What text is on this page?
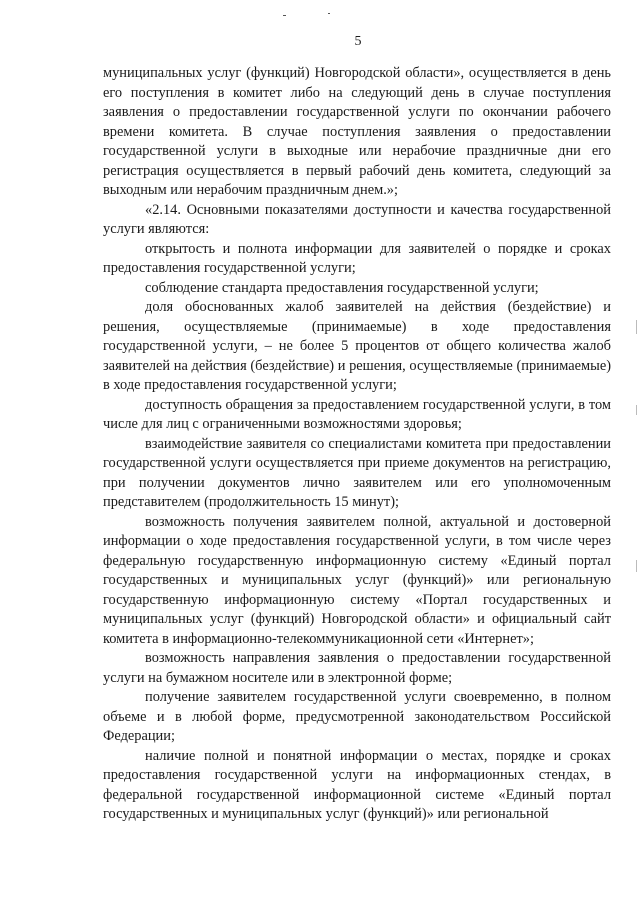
5

муниципальных услуг (функций) Новгородской области», осуществляется в день его поступления в комитет либо на следующий день в случае поступления заявления о предоставлении государственной услуги по окончании рабочего времени комитета. В случае поступления заявления о предоставлении государственной услуги в выходные или нерабочие праздничные дни его регистрация осуществляется в первый рабочий день комитета, следующий за выходным или нерабочим праздничным днем.»;

«2.14. Основными показателями доступности и качества государственной услуги являются:

открытость и полнота информации для заявителей о порядке и сроках предоставления государственной услуги;

соблюдение стандарта предоставления государственной услуги;

доля обоснованных жалоб заявителей на действия (бездействие) и решения, осуществляемые (принимаемые) в ходе предоставления государственной услуги, – не более 5 процентов от общего количества жалоб заявителей на действия (бездействие) и решения, осуществляемые (принимаемые) в ходе предоставления государственной услуги;

доступность обращения за предоставлением государственной услуги, в том числе для лиц с ограниченными возможностями здоровья;

взаимодействие заявителя со специалистами комитета при предоставлении государственной услуги осуществляется при приеме документов на регистрацию, при получении документов лично заявителем или его уполномоченным представителем (продолжительность 15 минут);

возможность получения заявителем полной, актуальной и достоверной информации о ходе предоставления государственной услуги, в том числе через федеральную государственную информационную систему «Единый портал государственных и муниципальных услуг (функций)» или региональную государственную информационную систему «Портал государственных и муниципальных услуг (функций) Новгородской области» и официальный сайт комитета в информационно-телекоммуникационной сети «Интернет»;

возможность направления заявления о предоставлении государственной услуги на бумажном носителе или в электронной форме;

получение заявителем государственной услуги своевременно, в полном объеме и в любой форме, предусмотренной законодательством Российской Федерации;

наличие полной и понятной информации о местах, порядке и сроках предоставления государственной услуги на информационных стендах, в федеральной государственной информационной системе «Единый портал государственных и муниципальных услуг (функций)» или региональной
